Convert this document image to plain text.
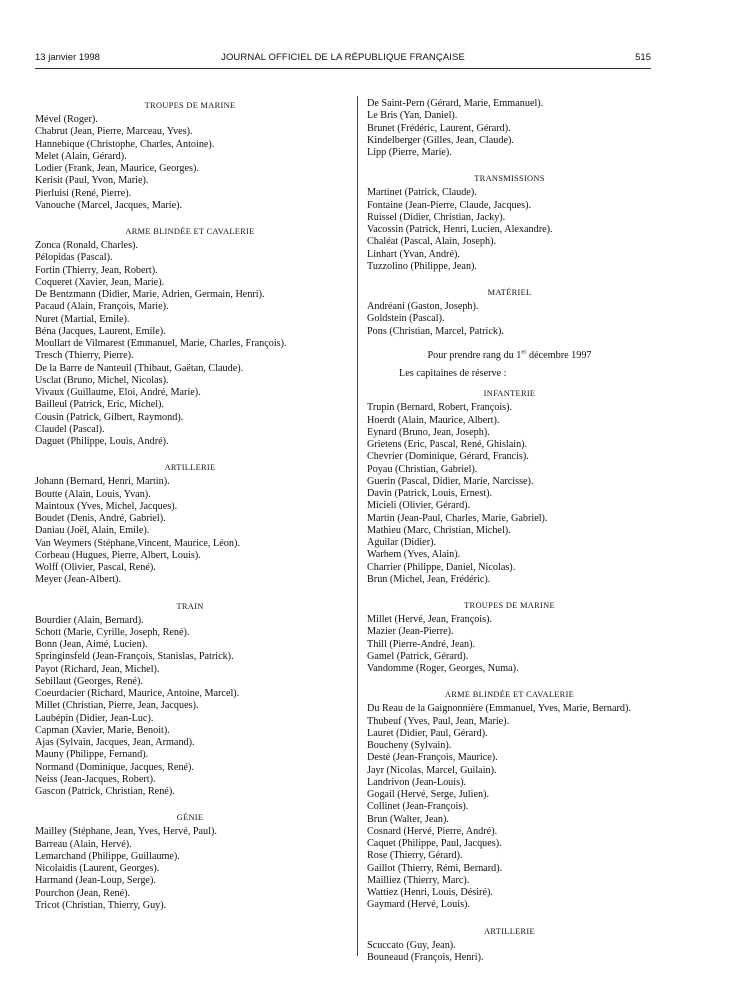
13 janvier 1998	JOURNAL OFFICIEL DE LA RÉPUBLIQUE FRANÇAISE	515
TROUPES DE MARINE
Mével (Roger).
Chabrut (Jean, Pierre, Marceau, Yves).
Hannebique (Christophe, Charles, Antoine).
Melet (Alain, Gérard).
Lodier (Frank, Jean, Maurice, Georges).
Kerisit (Paul, Yvon, Marie).
Pierluisi (René, Pierre).
Vanouche (Marcel, Jacques, Marie).
ARME BLINDÉE ET CAVALERIE
Zonca (Ronald, Charles).
Pélopidas (Pascal).
Fortin (Thierry, Jean, Robert).
Coqueret (Xavier, Jean, Marie).
De Bentzmann (Didier, Marie, Adrien, Germain, Henri).
Pacaud (Alain, François, Marie).
Nuret (Martial, Emile).
Béna (Jacques, Laurent, Emile).
Moullart de Vilmarest (Emmanuel, Marie, Charles, François).
Tresch (Thierry, Pierre).
De la Barre de Nanteuil (Thibaut, Gaëtan, Claude).
Usclat (Bruno, Michel, Nicolas).
Vivaux (Guillaume, Eloi, André, Marie).
Bailleul (Patrick, Eric, Michel).
Cousin (Patrick, Gilbert, Raymond).
Claudel (Pascal).
Daguet (Philippe, Louis, André).
ARTILLERIE
Johann (Bernard, Henri, Martin).
Boutte (Alain, Louis, Yvan).
Maintoux (Yves, Michel, Jacques).
Boudet (Denis, André, Gabriel).
Daniau (Joël, Alain, Emile).
Van Weymers (Stéphane,Vincent, Maurice, Léon).
Corbeau (Hugues, Pierre, Albert, Louis).
Wolff (Olivier, Pascal, René).
Meyer (Jean-Albert).
TRAIN
Bourdier (Alain, Bernard).
Schott (Marie, Cyrille, Joseph, René).
Bonn (Jean, Aimé, Lucien).
Springinsfeld (Jean-François, Stanislas, Patrick).
Payot (Richard, Jean, Michel).
Sebillaut (Georges, René).
Coeurdacier (Richard, Maurice, Antoine, Marcel).
Millet (Christian, Pierre, Jean, Jacques).
Laubépin (Didier, Jean-Luc).
Capman (Xavier, Marie, Benoit).
Ajas (Sylvain, Jacques, Jean, Armand).
Mauny (Philippe, Fernand).
Normand (Dominique, Jacques, René).
Neiss (Jean-Jacques, Robert).
Gascon (Patrick, Christian, René).
GÉNIE
Mailley (Stéphane, Jean, Yves, Hervé, Paul).
Barreau (Alain, Hervé).
Lemarchand (Philippe, Guillaume).
Nicolaidis (Laurent, Georges).
Harmand (Jean-Loup, Serge).
Pourchon (Jean, René).
Tricot (Christian, Thierry, Guy).
De Saint-Pern (Gérard, Marie, Emmanuel).
Le Bris (Yan, Daniel).
Brunet (Frédéric, Laurent, Gérard).
Kindelberger (Gilles, Jean, Claude).
Lipp (Pierre, Marie).
TRANSMISSIONS
Martinet (Patrick, Claude).
Fontaine (Jean-Pierre, Claude, Jacques).
Ruissel (Didier, Christian, Jacky).
Vacossin (Patrick, Henri, Lucien, Alexandre).
Chaléat (Pascal, Alain, Joseph).
Linhart (Yvan, André).
Tuzzolino (Philippe, Jean).
MATÉRIEL
Andréani (Gaston, Joseph).
Goldstein (Pascal).
Pons (Christian, Marcel, Patrick).
Pour prendre rang du 1er décembre 1997
Les capitaines de réserve :
INFANTERIE
Trupin (Bernard, Robert, François).
Hoerdt (Alain, Maurice, Albert).
Eynard (Bruno, Jean, Joseph).
Grietens (Eric, Pascal, René, Ghislain).
Chevrier (Dominique, Gérard, Francis).
Poyau (Christian, Gabriel).
Guerin (Pascal, Didier, Marie, Narcisse).
Davin (Patrick, Louis, Ernest).
Micieli (Olivier, Gérard).
Martin (Jean-Paul, Charles, Marie, Gabriel).
Mathieu (Marc, Christian, Michel).
Aguilar (Didier).
Warhem (Yves, Alain).
Charrier (Philippe, Daniel, Nicolas).
Brun (Michel, Jean, Frédéric).
TROUPES DE MARINE
Millet (Hervé, Jean, François).
Mazier (Jean-Pierre).
Thill (Pierre-André, Jean).
Gamel (Patrick, Gérard).
Vandomme (Roger, Georges, Numa).
ARME BLINDÉE ET CAVALERIE
Du Reau de la Gaignonnière (Emmanuel, Yves, Marie, Bernard).
Thubeuf (Yves, Paul, Jean, Marie).
Lauret (Didier, Paul, Gérard).
Boucheny (Sylvain).
Desté (Jean-François, Maurice).
Jayr (Nicolas, Marcel, Guilain).
Landrivon (Jean-Louis).
Gogail (Hervé, Serge, Julien).
Collinet (Jean-François).
Brun (Walter, Jean).
Cosnard (Hervé, Pierre, André).
Caquet (Philippe, Paul, Jacques).
Rose (Thierry, Gérard).
Gaillot (Thierry, Rémi, Bernard).
Mailliez (Thierry, Marc).
Wattiez (Henri, Louis, Désiré).
Gaymard (Hervé, Louis).
ARTILLERIE
Scuccato (Guy, Jean).
Bouneaud (François, Henri).
